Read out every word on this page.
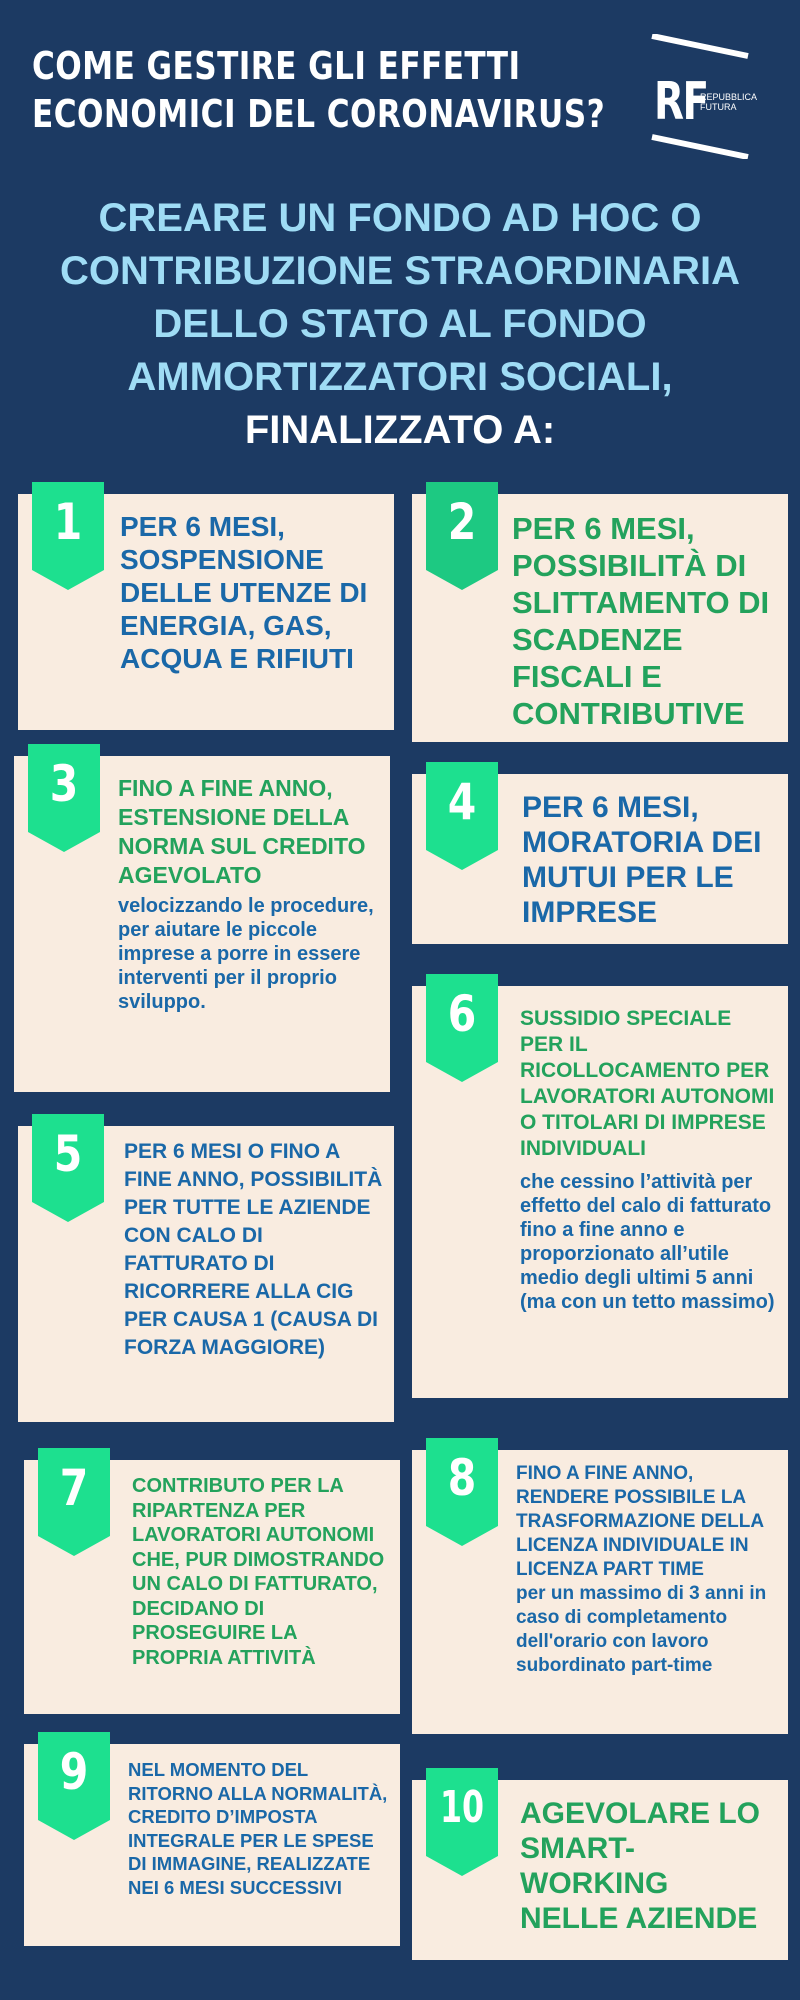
COME GESTIRE GLI EFFETTI
ECONOMICI DEL CORONAVIRUS? RF
REPUBBLICA
FUTURA
CREARE UN FONDO AD HOC O
CONTRIBUZIONE STRAORDINARIA
DELLO STATO AL FONDO
AMMORTIZZATORI SOCIALI,
FINALIZZATO A:
1	PER 6 MESI, SOSPENSIONE DELLE UTENZE DI ENERGIA, GAS, ACQUA E RIFIUTI
2	PER 6 MESI, POSSIBILITÀ DI SLITTAMENTO DI SCADENZE FISCALI E CONTRIBUTIVE
3	FINO A FINE ANNO, ESTENSIONE DELLA NORMA SUL CREDITO AGEVOLATO
velocizzando le procedure, per aiutare le piccole imprese a porre in essere interventi per il proprio sviluppo.
4	PER 6 MESI, MORATORIA DEI MUTUI PER LE IMPRESE
5	PER 6 MESI O FINO A FINE ANNO, POSSIBILITÀ PER TUTTE LE AZIENDE CON CALO DI FATTURATO DI RICORRERE ALLA CIG PER CAUSA 1 (CAUSA DI FORZA MAGGIORE)
6	SUSSIDIO SPECIALE PER IL RICOLLOCAMENTO PER LAVORATORI AUTONOMI O TITOLARI DI IMPRESE INDIVIDUALI
che cessino l’attività per effetto del calo di fatturato fino a fine anno e proporzionato all’utile medio degli ultimi 5 anni (ma con un tetto massimo)
7	CONTRIBUTO PER LA RIPARTENZA PER LAVORATORI AUTONOMI CHE, PUR DIMOSTRANDO UN CALO DI FATTURATO, DECIDANO DI PROSEGUIRE LA PROPRIA ATTIVITÀ
8	FINO A FINE ANNO, RENDERE POSSIBILE LA TRASFORMAZIONE DELLA LICENZA INDIVIDUALE IN LICENZA PART TIME
per un massimo di 3 anni in caso di completamento dell'orario con lavoro subordinato part-time
9	NEL MOMENTO DEL RITORNO ALLA NORMALITÀ, CREDITO D’IMPOSTA INTEGRALE PER LE SPESE DI IMMAGINE, REALIZZATE NEI 6 MESI SUCCESSIVI
10 AGEVOLARE LO SMART-WORKING NELLE AZIENDE
